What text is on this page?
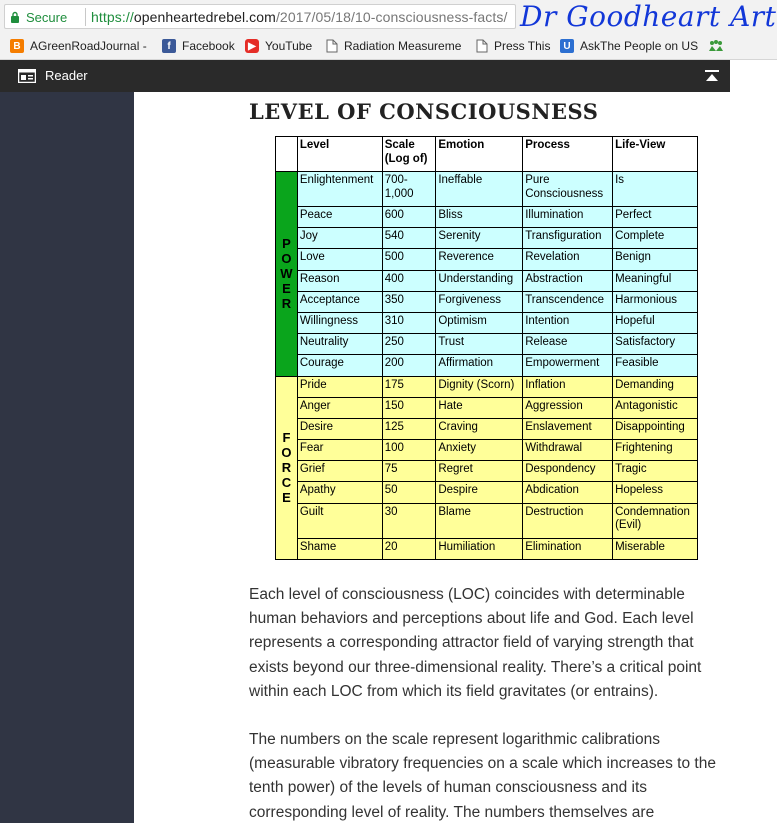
Secure https://openheartedrebel.com/2017/05/18/10-consciousness-facts/ Dr Goodheart Art
B AGreenRoadJournal -	f Facebook	▶ YouTube	Radiation Measureme	Press This	U AskThe People on US
Reader
LEVEL OF CONSCIOUSNESS
	Level	Scale (Log of)	Emotion	Process	Life-View

P
O
W
E
R	Enlightenment	700-1,000	Ineffable	Pure Consciousness	Is
	Peace	600	Bliss	Illumination	Perfect
	Joy	540	Serenity	Transfiguration	Complete
	Love	500	Reverence	Revelation	Benign
	Reason	400	Understanding	Abstraction	Meaningful
	Acceptance	350	Forgiveness	Transcendence	Harmonious
	Willingness	310	Optimism	Intention	Hopeful
	Neutrality	250	Trust	Release	Satisfactory
	Courage	200	Affirmation	Empowerment	Feasible

F
O
R
C
E	Pride	175	Dignity (Scorn)	Inflation	Demanding
	Anger	150	Hate	Aggression	Antagonistic
	Desire	125	Craving	Enslavement	Disappointing
	Fear	100	Anxiety	Withdrawal	Frightening
	Grief	75	Regret	Despondency	Tragic
	Apathy	50	Despire	Abdication	Hopeless
	Guilt	30	Blame	Destruction	Condemnation (Evil)
	Shame	20	Humiliation	Elimination	Miserable
Each level of consciousness (LOC) coincides with determinable human behaviors and perceptions about life and God. Each level represents a corresponding attractor field of varying strength that exists beyond our three-dimensional reality. There’s a critical point within each LOC from which its field gravitates (or entrains).
The numbers on the scale represent logarithmic calibrations (measurable vibratory frequencies on a scale which increases to the tenth power) of the levels of human consciousness and its corresponding level of reality. The numbers themselves are
